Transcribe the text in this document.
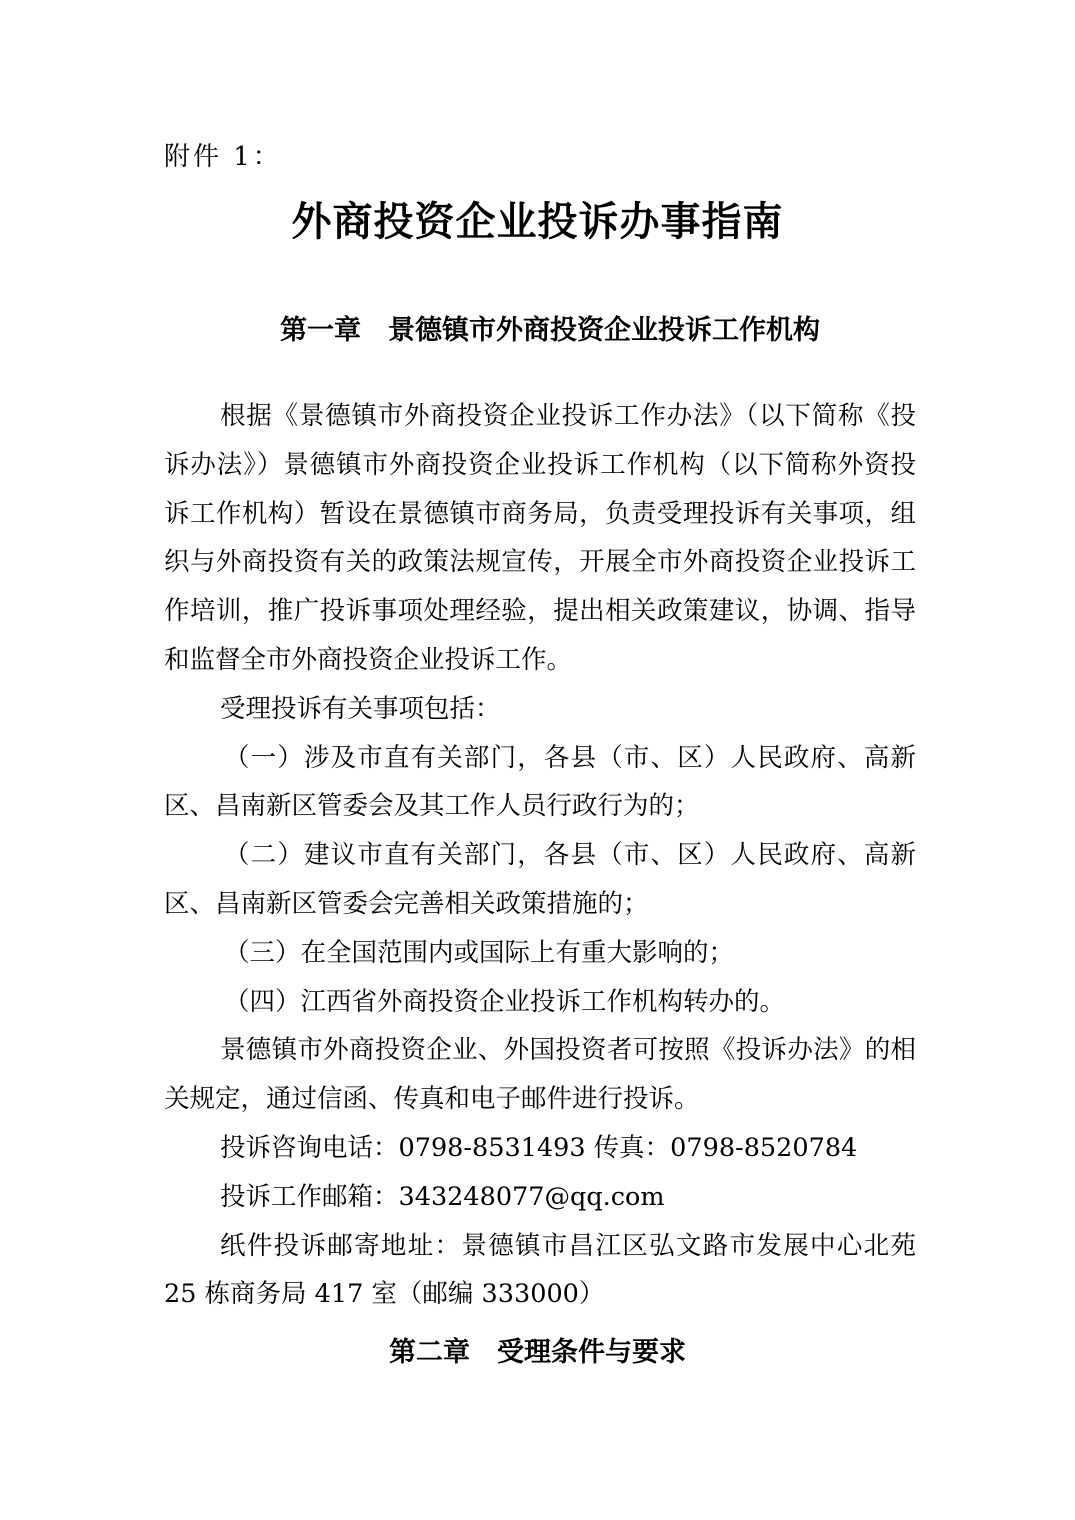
附件 1：
外商投资企业投诉办事指南
第一章　景德镇市外商投资企业投诉工作机构

根据《景德镇市外商投资企业投诉工作办法》（以下简称《投诉办法》）景德镇市外商投资企业投诉工作机构（以下简称外资投诉工作机构）暂设在景德镇市商务局，负责受理投诉有关事项，组织与外商投资有关的政策法规宣传，开展全市外商投资企业投诉工作培训，推广投诉事项处理经验，提出相关政策建议，协调、指导和监督全市外商投资企业投诉工作。

受理投诉有关事项包括：

（一）涉及市直有关部门，各县（市、区）人民政府、高新区、昌南新区管委会及其工作人员行政行为的；

（二）建议市直有关部门，各县（市、区）人民政府、高新区、昌南新区管委会完善相关政策措施的；

（三）在全国范围内或国际上有重大影响的；

（四）江西省外商投资企业投诉工作机构转办的。

景德镇市外商投资企业、外国投资者可按照《投诉办法》的相关规定，通过信函、传真和电子邮件进行投诉。

投诉咨询电话：0798-8531493 传真：0798-8520784

投诉工作邮箱：343248077@qq.com

纸件投诉邮寄地址：景德镇市昌江区弘文路市发展中心北苑 25 栋商务局 417 室（邮编 333000）

第二章　受理条件与要求
